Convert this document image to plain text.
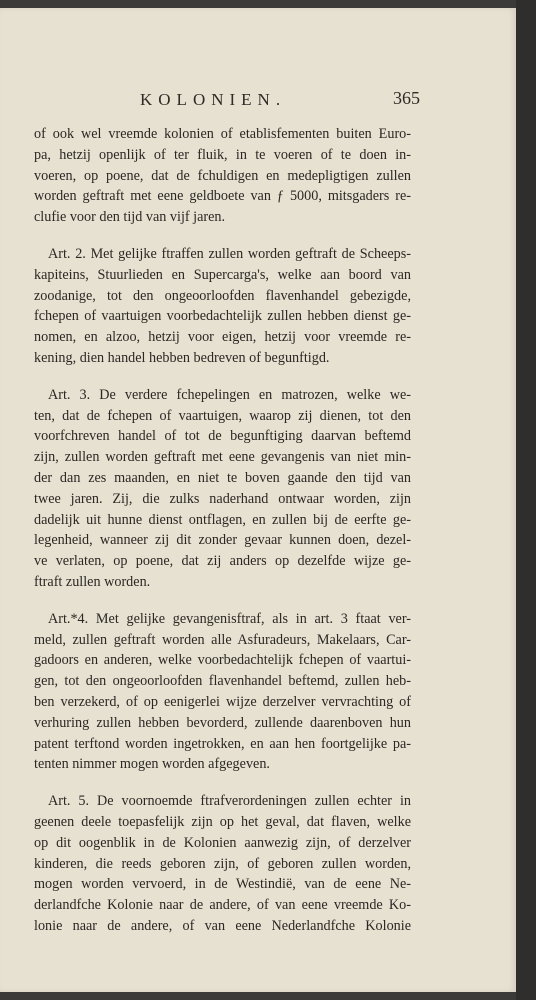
KOLONIEN.	365
of ook wel vreemde kolonien of etablisfementen buiten Euro-
pa, hetzij openlijk of ter fluik, in te voeren of te doen in-
voeren, op poene, dat de fchuldigen en medepligtigen zullen
worden geftraft met eene geldboete van ƒ 5000, mitsgaders re-
clufie voor den tijd van vijf jaren.
Art. 2. Met gelijke ftraffen zullen worden geftraft de Scheeps-
kapiteins, Stuurlieden en Supercarga's, welke aan boord van
zoodanige, tot den ongeoorloofden flavenhandel gebezigde,
fchepen of vaartuigen voorbedachtelijk zullen hebben dienst ge-
nomen, en alzoo, hetzij voor eigen, hetzij voor vreemde re-
kening, dien handel hebben bedreven of begunftigd.
Art. 3. De verdere fchepelingen en matrozen, welke we-
ten, dat de fchepen of vaartuigen, waarop zij dienen, tot den
voorfchreven handel of tot de begunftiging daarvan beftemd
zijn, zullen worden geftraft met eene gevangenis van niet min-
der dan zes maanden, en niet te boven gaande den tijd van
twee jaren. Zij, die zulks naderhand ontwaar worden, zijn
dadelijk uit hunne dienst ontflagen, en zullen bij de eerfte ge-
legenheid, wanneer zij dit zonder gevaar kunnen doen, dezel-
ve verlaten, op poene, dat zij anders op dezelfde wijze ge-
ftraft zullen worden.
Art.*4. Met gelijke gevangenisftraf, als in art. 3 ftaat ver-
meld, zullen geftraft worden alle Asfuradeurs, Makelaars, Car-
gadoors en anderen, welke voorbedachtelijk fchepen of vaartui-
gen, tot den ongeoorloofden flavenhandel beftemd, zullen heb-
ben verzekerd, of op eenigerlei wijze derzelver vervrachting of
verhuring zullen hebben bevorderd, zullende daarenboven hun
patent terftond worden ingetrokken, en aan hen foortgelijke pa-
tenten nimmer mogen worden afgegeven.
Art. 5. De voornoemde ftrafverordeningen zullen echter in
geenen deele toepasfelijk zijn op het geval, dat flaven, welke
op dit oogenblik in de Kolonien aanwezig zijn, of derzelver
kinderen, die reeds geboren zijn, of geboren zullen worden,
mogen worden vervoerd, in de Westindië, van de eene Ne-
derlandfche Kolonie naar de andere, of van eene vreemde Ko-
lonie naar de andere, of van eene Nederlandfche Kolonie
